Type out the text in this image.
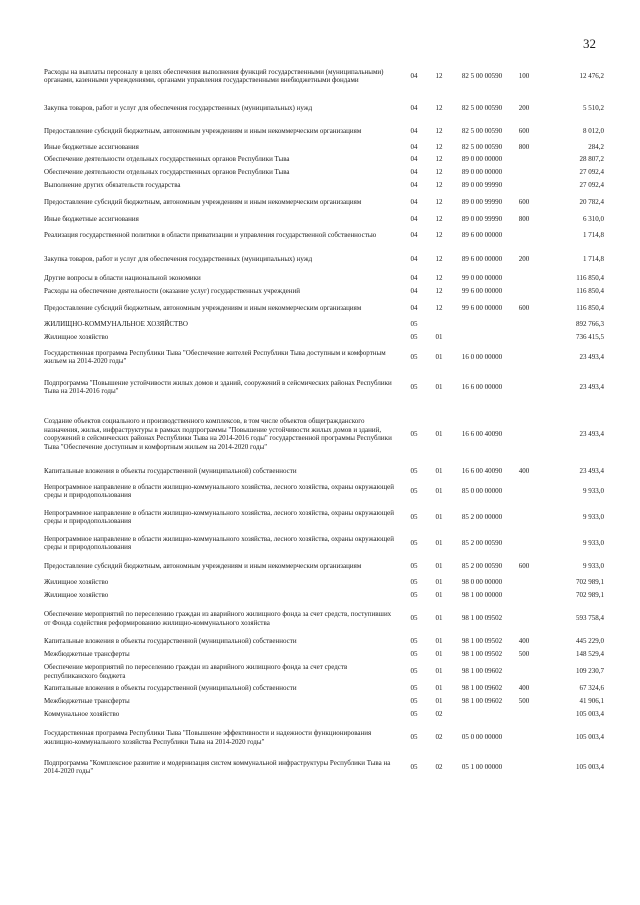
32
Расходы на выплаты персоналу в целях обеспечения выполнения функций государственными (муниципальными) органами, казенными учреждениями, органами управления государственными внебюджетными фондами	04	12	82 5 00 00590	100	12 476,2
Закупка товаров, работ и услуг для обеспечения государственных (муниципальных) нужд	04	12	82 5 00 00590	200	5 510,2
Предоставление субсидий бюджетным, автономным учреждениям и иным некоммерческим организациям	04	12	82 5 00 00590	600	8 012,0
Иные бюджетные ассигнования	04	12	82 5 00 00590	800	284,2
Обеспечение деятельности отдельных государственных органов Республики Тыва	04	12	89 0 00 00000		28 807,2
Обеспечение деятельности отдельных государственных органов Республики Тыва	04	12	89 0 00 00000		27 092,4
Выполнение других обязательств государства	04	12	89 0 00 99990		27 092,4
Предоставление субсидий бюджетным, автономным учреждениям и иным некоммерческим организациям	04	12	89 0 00 99990	600	20 782,4
Иные бюджетные ассигнования	04	12	89 0 00 99990	800	6 310,0
Реализация государственной политики в области приватизации и управления государственной собственностью	04	12	89 6 00 00000		1 714,8
Закупка товаров, работ и услуг для обеспечения государственных (муниципальных) нужд	04	12	89 6 00 00000	200	1 714,8
Другие вопросы в области национальной экономики	04	12	99 0 00 00000		116 850,4
Расходы на обеспечение деятельности (оказание услуг) государственных учреждений	04	12	99 6 00 00000		116 850,4
Предоставление субсидий бюджетным, автономным учреждениям и иным некоммерческим организациям	04	12	99 6 00 00000	600	116 850,4
ЖИЛИЩНО-КОММУНАЛЬНОЕ ХОЗЯЙСТВО	05				892 766,3
Жилищное хозяйство	05	01			736 415,5
Государственная программа Республики Тыва "Обеспечение жителей Республики Тыва доступным и комфортным жильем на 2014-2020 годы"	05	01	16 0 00 00000		23 493,4
Подпрограмма "Повышение устойчивости жилых домов и зданий, сооружений в сейсмических районах Республики Тыва на 2014-2016 годы"	05	01	16 6 00 00000		23 493,4
Создание объектов социального и производственного комплексов, в том числе объектов общегражданского назначения, жилья, инфраструктуры в рамках подпрограммы "Повышение устойчивости жилых домов и зданий, сооружений в сейсмических районах Республики Тыва на 2014-2016 годы" государственной программы Республики Тыва "Обеспечение доступным и комфортным жильем на 2014-2020 годы"	05	01	16 6 00 40090		23 493,4
Капитальные вложения в объекты государственной (муниципальной) собственности	05	01	16 6 00 40090	400	23 493,4
Непрограммное направление в области жилищно-коммунального хозяйства, лесного хозяйства, охраны окружающей среды и природопользования	05	01	85 0 00 00000		9 933,0
Непрограммное направление в области жилищно-коммунального хозяйства, лесного хозяйства, охраны окружающей среды и природопользования	05	01	85 2 00 00000		9 933,0
Непрограммное направление в области жилищно-коммунального хозяйства, лесного хозяйства, охраны окружающей среды и природопользования	05	01	85 2 00 00590		9 933,0
Предоставление субсидий бюджетным, автономным учреждениям и иным некоммерческим организациям	05	01	85 2 00 00590	600	9 933,0
Жилищное хозяйство	05	01	98 0 00 00000		702 989,1
Жилищное хозяйство	05	01	98 1 00 00000		702 989,1
Обеспечение мероприятий по переселению граждан из аварийного жилищного фонда за счет средств, поступивших от Фонда содействия реформированию жилищно-коммунального хозяйства	05	01	98 1 00 09502		593 758,4
Капитальные вложения в объекты государственной (муниципальной) собственности	05	01	98 1 00 09502	400	445 229,0
Межбюджетные трансферты	05	01	98 1 00 09502	500	148 529,4
Обеспечение мероприятий по переселению граждан из аварийного жилищного фонда за счет средств республиканского бюджета	05	01	98 1 00 09602		109 230,7
Капитальные вложения в объекты государственной (муниципальной) собственности	05	01	98 1 00 09602	400	67 324,6
Межбюджетные трансферты	05	01	98 1 00 09602	500	41 906,1
Коммунальное хозяйство	05	02			105 003,4
Государственная программа Республики Тыва "Повышение эффективности и надежности функционирования жилищно-коммунального хозяйства Республики Тыва на 2014-2020 годы"	05	02	05 0 00 00000		105 003,4
Подпрограмма "Комплексное развитие и модернизация систем коммунальной инфраструктуры Республики Тыва на 2014-2020 годы"	05	02	05 1 00 00000		105 003,4
